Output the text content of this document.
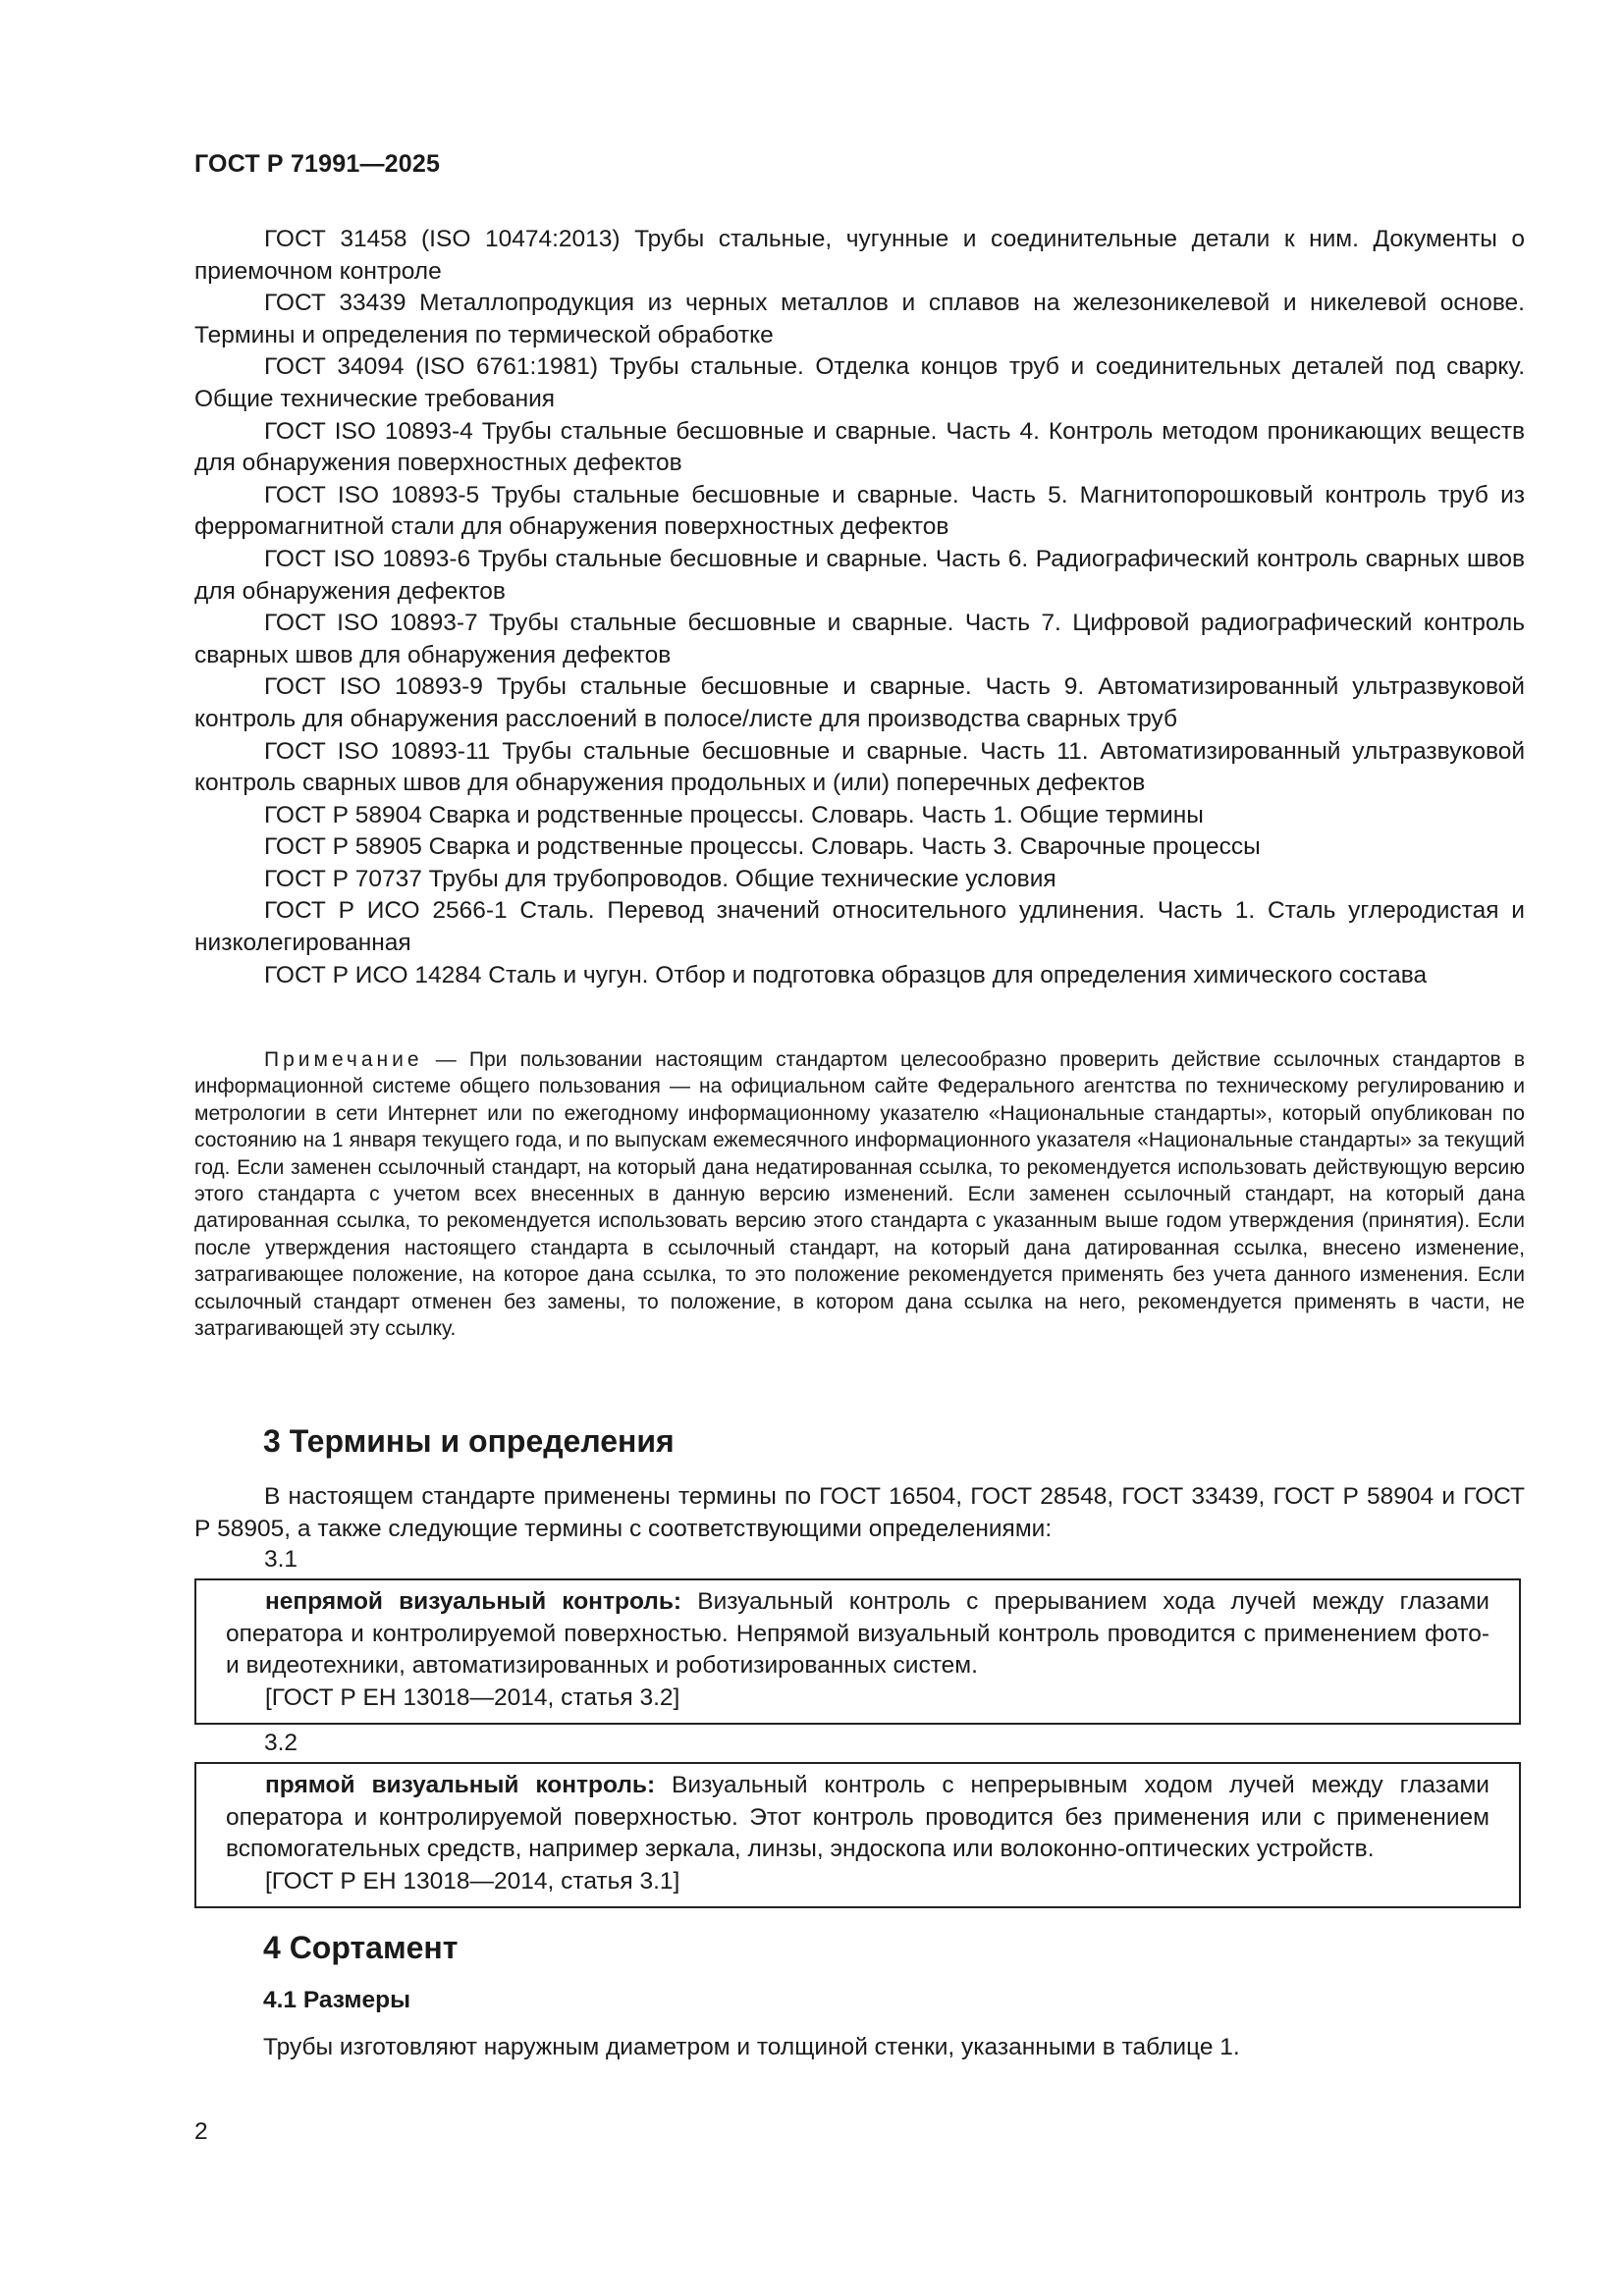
ГОСТ Р 71991—2025

ГОСТ 31458 (ISO 10474:2013) Трубы стальные, чугунные и соединительные детали к ним. Документы о приемочном контроле

ГОСТ 33439 Металлопродукция из черных металлов и сплавов на железоникелевой и никелевой основе. Термины и определения по термической обработке

ГОСТ 34094 (ISO 6761:1981) Трубы стальные. Отделка концов труб и соединительных деталей под сварку. Общие технические требования

ГОСТ ISO 10893-4 Трубы стальные бесшовные и сварные. Часть 4. Контроль методом проникающих веществ для обнаружения поверхностных дефектов

ГОСТ ISO 10893-5 Трубы стальные бесшовные и сварные. Часть 5. Магнитопорошковый контроль труб из ферромагнитной стали для обнаружения поверхностных дефектов

ГОСТ ISO 10893-6 Трубы стальные бесшовные и сварные. Часть 6. Радиографический контроль сварных швов для обнаружения дефектов

ГОСТ ISO 10893-7 Трубы стальные бесшовные и сварные. Часть 7. Цифровой радиографический контроль сварных швов для обнаружения дефектов

ГОСТ ISO 10893-9 Трубы стальные бесшовные и сварные. Часть 9. Автоматизированный ультразвуковой контроль для обнаружения расслоений в полосе/листе для производства сварных труб

ГОСТ ISO 10893-11 Трубы стальные бесшовные и сварные. Часть 11. Автоматизированный ультразвуковой контроль сварных швов для обнаружения продольных и (или) поперечных дефектов

ГОСТ Р 58904 Сварка и родственные процессы. Словарь. Часть 1. Общие термины

ГОСТ Р 58905 Сварка и родственные процессы. Словарь. Часть 3. Сварочные процессы

ГОСТ Р 70737 Трубы для трубопроводов. Общие технические условия

ГОСТ Р ИСО 2566-1 Сталь. Перевод значений относительного удлинения. Часть 1. Сталь углеродистая и низколегированная

ГОСТ Р ИСО 14284 Сталь и чугун. Отбор и подготовка образцов для определения химического состава

Примечание — При пользовании настоящим стандартом целесообразно проверить действие ссылочных стандартов в информационной системе общего пользования — на официальном сайте Федерального агентства по техническому регулированию и метрологии в сети Интернет или по ежегодному информационному указателю «Национальные стандарты», который опубликован по состоянию на 1 января текущего года, и по выпускам ежемесячного информационного указателя «Национальные стандарты» за текущий год. Если заменен ссылочный стандарт, на который дана недатированная ссылка, то рекомендуется использовать действующую версию этого стандарта с учетом всех внесенных в данную версию изменений. Если заменен ссылочный стандарт, на который дана датированная ссылка, то рекомендуется использовать версию этого стандарта с указанным выше годом утверждения (принятия). Если после утверждения настоящего стандарта в ссылочный стандарт, на который дана датированная ссылка, внесено изменение, затрагивающее положение, на которое дана ссылка, то это положение рекомендуется применять без учета данного изменения. Если ссылочный стандарт отменен без замены, то положение, в котором дана ссылка на него, рекомендуется применять в части, не затрагивающей эту ссылку.

3 Термины и определения

В настоящем стандарте применены термины по ГОСТ 16504, ГОСТ 28548, ГОСТ 33439, ГОСТ Р 58904 и ГОСТ Р 58905, а также следующие термины с соответствующими определениями:

3.1

непрямой визуальный контроль: Визуальный контроль с прерыванием хода лучей между глазами оператора и контролируемой поверхностью. Непрямой визуальный контроль проводится с применением фото- и видеотехники, автоматизированных и роботизированных систем.

[ГОСТ Р ЕН 13018—2014, статья 3.2]

3.2

прямой визуальный контроль: Визуальный контроль с непрерывным ходом лучей между глазами оператора и контролируемой поверхностью. Этот контроль проводится без применения или с применением вспомогательных средств, например зеркала, линзы, эндоскопа или волоконно-оптических устройств.

[ГОСТ Р ЕН 13018—2014, статья 3.1]

4 Сортамент
4.1 Размеры
Трубы изготовляют наружным диаметром и толщиной стенки, указанными в таблице 1.
2
